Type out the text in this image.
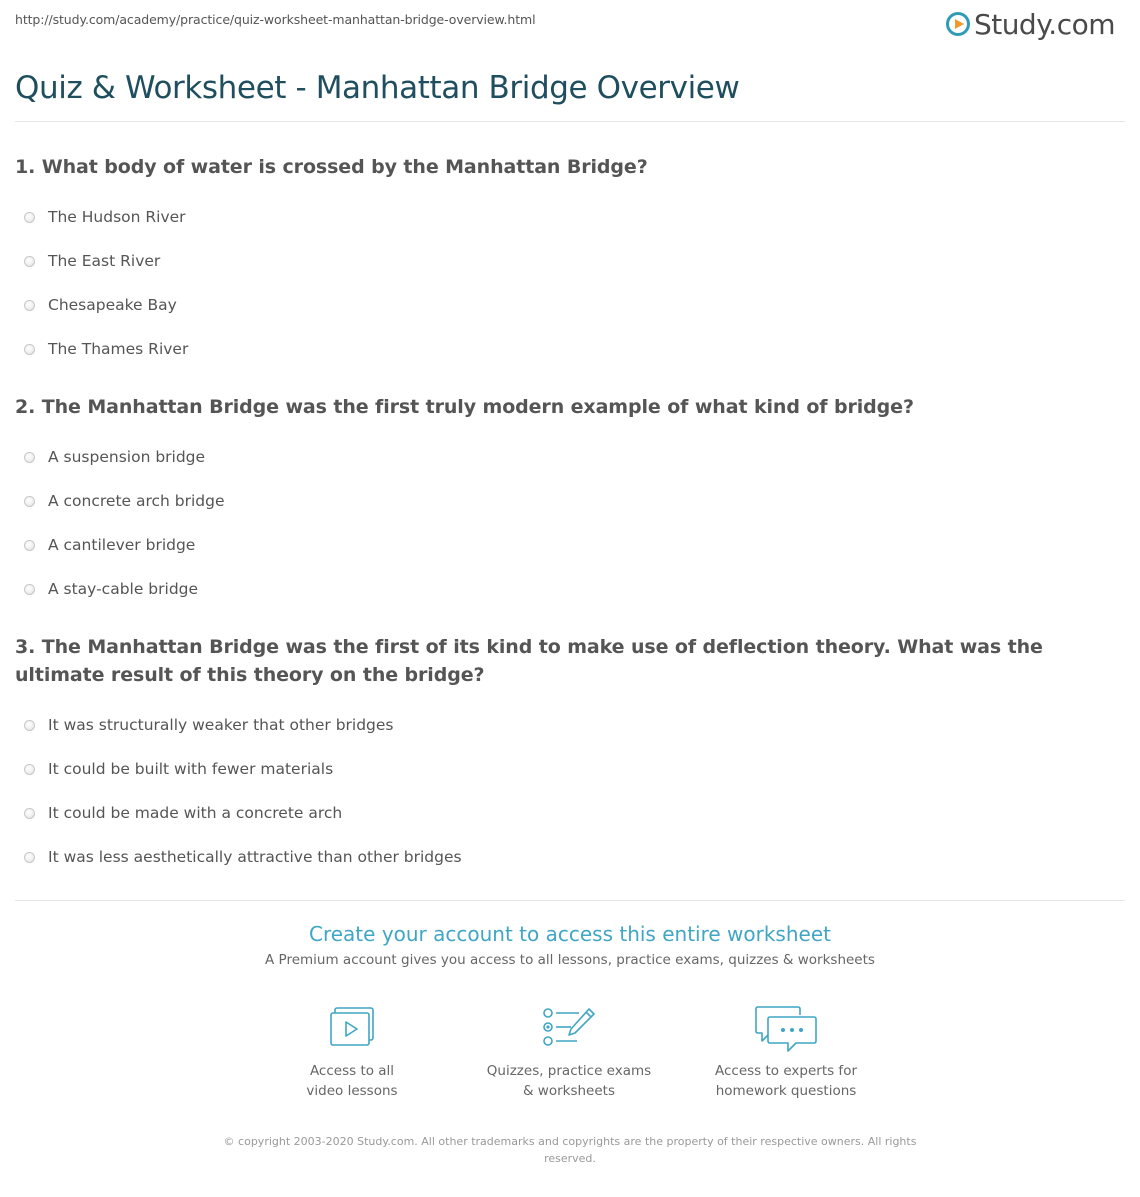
http://study.com/academy/practice/quiz-worksheet-manhattan-bridge-overview.html	Study.com
Quiz & Worksheet - Manhattan Bridge Overview
1. What body of water is crossed by the Manhattan Bridge?
The Hudson River
The East River
Chesapeake Bay
The Thames River
2. The Manhattan Bridge was the first truly modern example of what kind of bridge?
A suspension bridge
A concrete arch bridge
A cantilever bridge
A stay-cable bridge
3. The Manhattan Bridge was the first of its kind to make use of deflection theory. What was the ultimate result of this theory on the bridge?
It was structurally weaker that other bridges
It could be built with fewer materials
It could be made with a concrete arch
It was less aesthetically attractive than other bridges
Create your account to access this entire worksheet
A Premium account gives you access to all lessons, practice exams, quizzes & worksheets
Access to all
video lessons
Quizzes, practice exams
& worksheets
Access to experts for
homework questions
© copyright 2003-2020 Study.com. All other trademarks and copyrights are the property of their respective owners. All rights
reserved.
